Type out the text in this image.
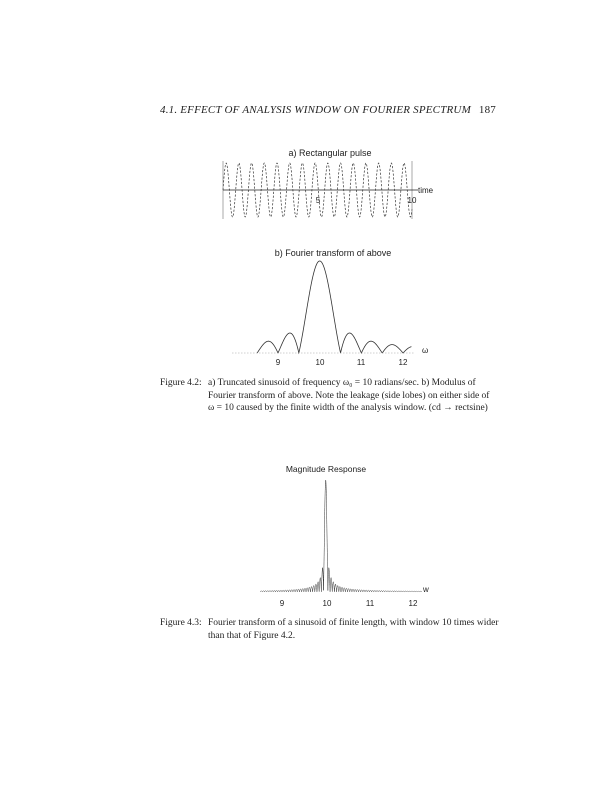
4.1. EFFECT OF ANALYSIS WINDOW ON FOURIER SPECTRUM 187
a) Rectangular pulse
time
5	10
b) Fourier transform of above
ω
9	10	11	12
Figure 4.2: a) Truncated sinusoid of frequency ω₀ = 10 radians/sec. b) Modulus of
Fourier transform of above. Note the leakage (side lobes) on either side of
ω = 10 caused by the finite width of the analysis window. (cd → rectsine)
Magnitude Response
w
9	10	11	12
Figure 4.3: Fourier transform of a sinusoid of finite length, with window 10 times wider
than that of Figure 4.2.
